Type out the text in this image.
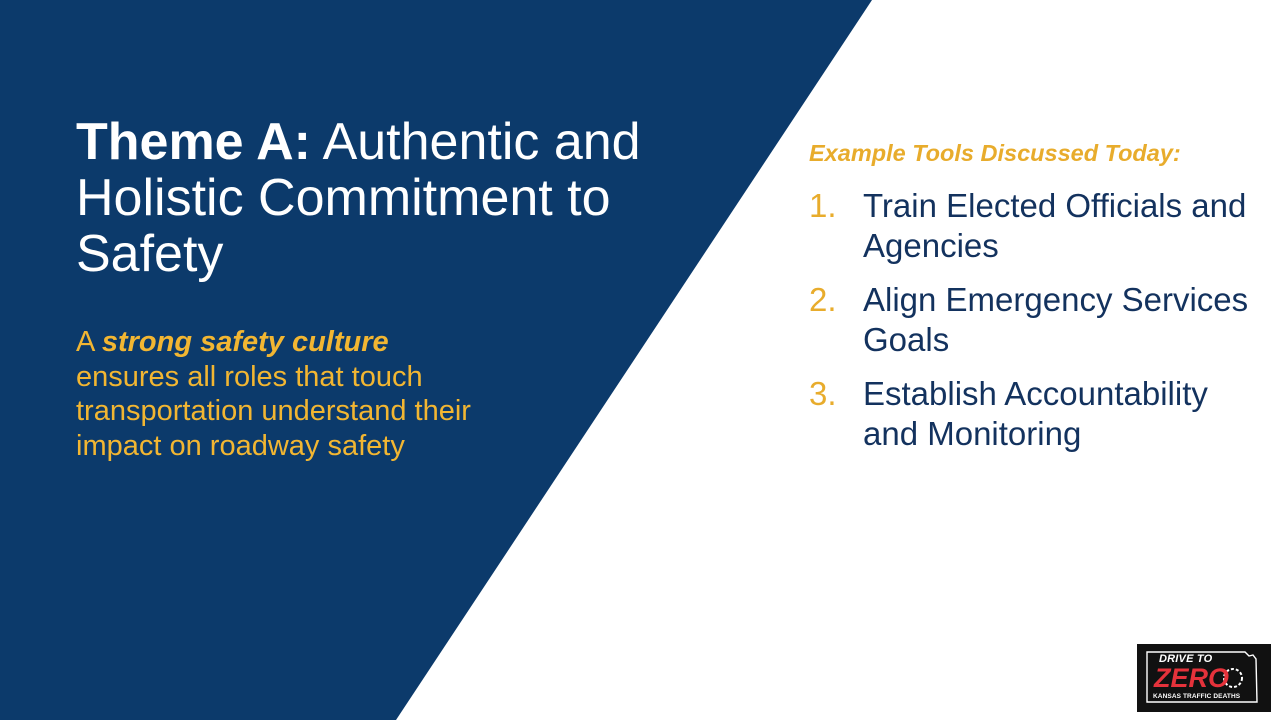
Theme A: Authentic and Holistic Commitment to Safety
A strong safety culture ensures all roles that touch transportation understand their impact on roadway safety
Example Tools Discussed Today:
1. Train Elected Officials and Agencies
2. Align Emergency Services Goals
3. Establish Accountability and Monitoring
DRIVE TO
ZERO
KANSAS TRAFFIC DEATHS
